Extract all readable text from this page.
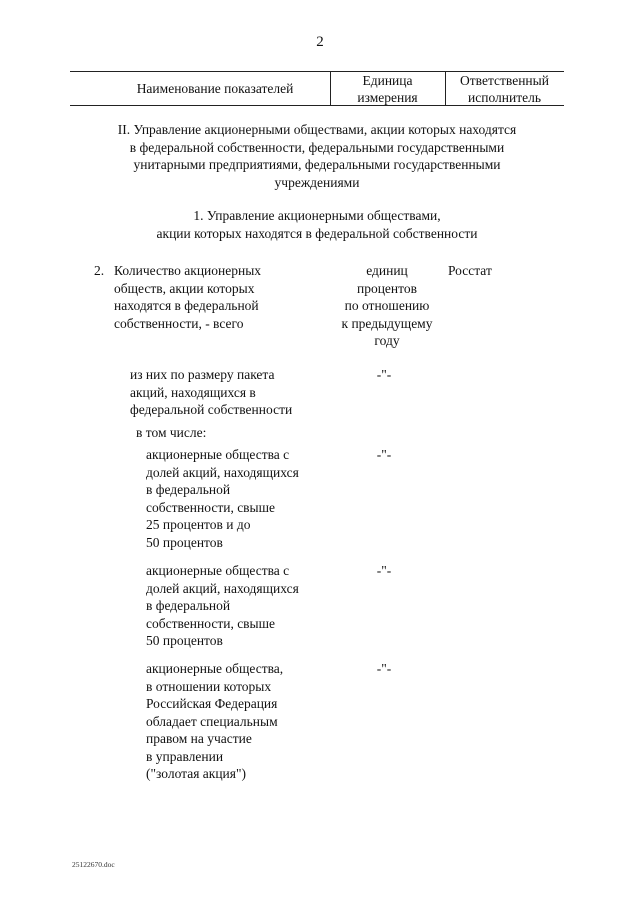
2
Наименование показателей
Единица
измерения
Ответственный
исполнитель
II. Управление акционерными обществами, акции которых находятся
в федеральной собственности, федеральными государственными
унитарными предприятиями, федеральными государственными
учреждениями
1. Управление акционерными обществами,
акции которых находятся в федеральной собственности
2. Количество акционерных
обществ, акции которых
находятся в федеральной
собственности, - всего
единиц
процентов
по отношению
к предыдущему
году
Росстат
из них по размеру пакета
акций, находящихся в
федеральной собственности
-"-
в том числе:
акционерные общества с
долей акций, находящихся
в федеральной
собственности, свыше
25 процентов и до
50 процентов
-"-
акционерные общества с
долей акций, находящихся
в федеральной
собственности, свыше
50 процентов
-"-
акционерные общества,
в отношении которых
Российская Федерация
обладает специальным
правом на участие
в управлении
("золотая акция")
-"-
25122670.doc
